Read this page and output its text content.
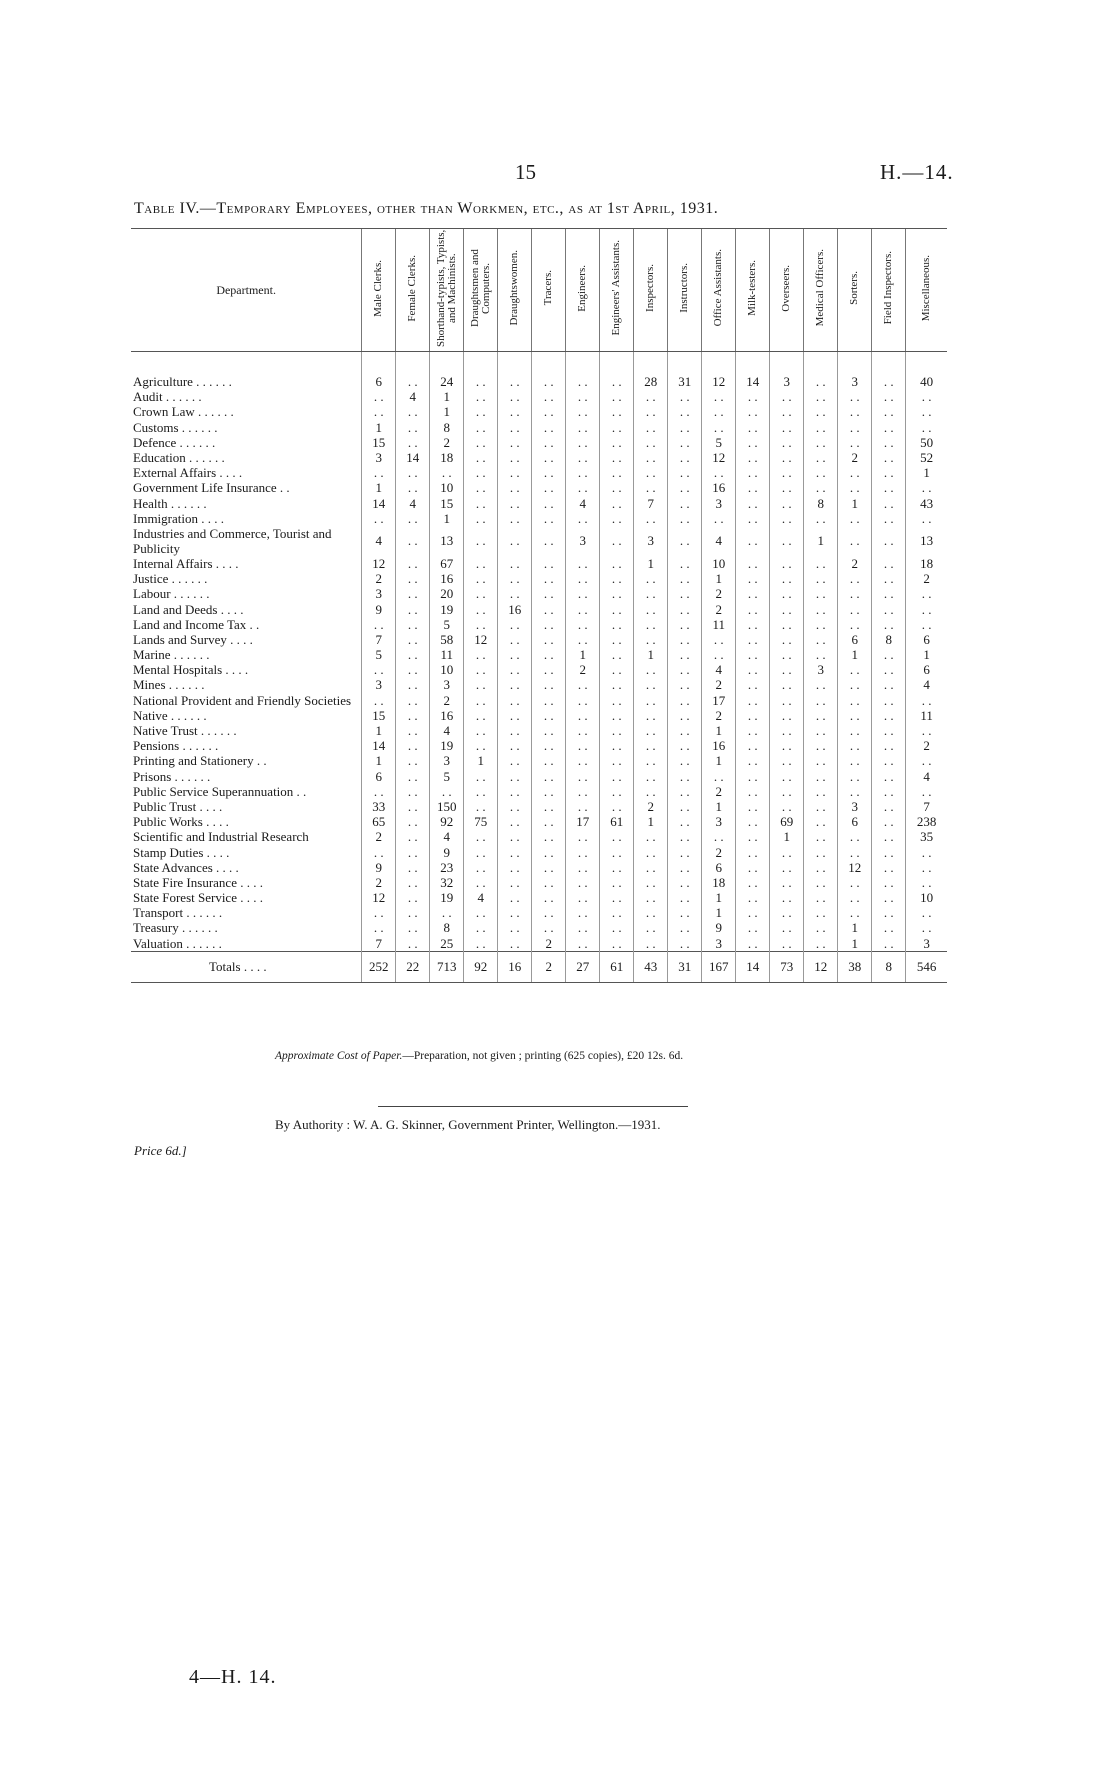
15	H.—14.
Table IV.—Temporary Employees, other than Workmen, etc., as at 1st April, 1931.
Department.	Male Clerks.	Female Clerks.	Shorthand-typists, Typists, and Machinists.	Draughtsmen and Computers.	Draughtswomen.	Tracers.	Engineers.	Engineers' Assistants.	Inspectors.	Instructors.	Office Assistants.	Milk-testers.	Overseers.	Medical Officers.	Sorters.	Field Inspectors.	Miscellaneous.
Agriculture . . . . . .	6	. .	24	. .	. .	. .	. .	. .	28	31	12	14	3	. .	3	. .	40
Audit . . . . . .	. .	4	1	. .	. .	. .	. .	. .	. .	. .	. .	. .	. .	. .	. .	. .	. .
Crown Law . . . . . .	. .	. .	1	. .	. .	. .	. .	. .	. .	. .	. .	. .	. .	. .	. .	. .	. .
Customs . . . . . .	1	. .	8	. .	. .	. .	. .	. .	. .	. .	. .	. .	. .	. .	. .	. .	. .
Defence . . . . . .	15	. .	2	. .	. .	. .	. .	. .	. .	. .	5	. .	. .	. .	. .	. .	50
Education . . . . . .	3	14	18	. .	. .	. .	. .	. .	. .	. .	12	. .	. .	. .	2	. .	52
External Affairs . . . .	. .	. .	. .	. .	. .	. .	. .	. .	. .	. .	. .	. .	. .	. .	. .	. .	1
Government Life Insurance . .	1	. .	10	. .	. .	. .	. .	. .	. .	. .	16	. .	. .	. .	. .	. .	. .
Health . . . . . .	14	4	15	. .	. .	. .	4	. .	7	. .	3	. .	. .	8	1	. .	43
Immigration . . . .	. .	. .	1	. .	. .	. .	. .	. .	. .	. .	. .	. .	. .	. .	. .	. .	. .
Industries and Commerce, Tourist and Publicity	4	. .	13	. .	. .	. .	3	. .	3	. .	4	. .	. .	1	. .	. .	13
Internal Affairs . . . .	12	. .	67	. .	. .	. .	. .	. .	1	. .	10	. .	. .	. .	2	. .	18
Justice . . . . . .	2	. .	16	. .	. .	. .	. .	. .	. .	. .	1	. .	. .	. .	. .	. .	2
Labour . . . . . .	3	. .	20	. .	. .	. .	. .	. .	. .	. .	2	. .	. .	. .	. .	. .	. .
Land and Deeds . . . .	9	. .	19	. .	16	. .	. .	. .	. .	. .	2	. .	. .	. .	. .	. .	. .
Land and Income Tax . .	. .	. .	5	. .	. .	. .	. .	. .	. .	. .	11	. .	. .	. .	. .	. .	. .
Lands and Survey . . . .	7	. .	58	12	. .	. .	. .	. .	. .	. .	. .	. .	. .	. .	6	8	6
Marine . . . . . .	5	. .	11	. .	. .	. .	1	. .	1	. .	. .	. .	. .	. .	1	. .	1
Mental Hospitals . . . .	. .	. .	10	. .	. .	. .	2	. .	. .	. .	4	. .	. .	3	. .	. .	6
Mines . . . . . .	3	. .	3	. .	. .	. .	. .	. .	. .	. .	2	. .	. .	. .	. .	. .	4
National Provident and Friendly Societies	. .	. .	2	. .	. .	. .	. .	. .	. .	. .	17	. .	. .	. .	. .	. .	. .
Native . . . . . .	15	. .	16	. .	. .	. .	. .	. .	. .	. .	2	. .	. .	. .	. .	. .	11
Native Trust . . . . . .	1	. .	4	. .	. .	. .	. .	. .	. .	. .	1	. .	. .	. .	. .	. .	. .
Pensions . . . . . .	14	. .	19	. .	. .	. .	. .	. .	. .	. .	16	. .	. .	. .	. .	. .	2
Printing and Stationery . .	1	. .	3	1	. .	. .	. .	. .	. .	. .	1	. .	. .	. .	. .	. .	. .
Prisons . . . . . .	6	. .	5	. .	. .	. .	. .	. .	. .	. .	. .	. .	. .	. .	. .	. .	4
Public Service Superannuation . .	. .	. .	. .	. .	. .	. .	. .	. .	. .	. .	2	. .	. .	. .	. .	. .	. .
Public Trust . . . .	33	. .	150	. .	. .	. .	. .	. .	2	. .	1	. .	. .	. .	3	. .	7
Public Works . . . .	65	. .	92	75	. .	. .	17	61	1	. .	3	. .	69	. .	6	. .	238
Scientific and Industrial Research	2	. .	4	. .	. .	. .	. .	. .	. .	. .	. .	. .	1	. .	. .	. .	35
Stamp Duties . . . .	. .	. .	9	. .	. .	. .	. .	. .	. .	. .	2	. .	. .	. .	. .	. .	. .
State Advances . . . .	9	. .	23	. .	. .	. .	. .	. .	. .	. .	6	. .	. .	. .	12	. .	. .
State Fire Insurance . . . .	2	. .	32	. .	. .	. .	. .	. .	. .	. .	18	. .	. .	. .	. .	. .	. .
State Forest Service . . . .	12	. .	19	4	. .	. .	. .	. .	. .	. .	1	. .	. .	. .	. .	. .	10
Transport . . . . . .	. .	. .	. .	. .	. .	. .	. .	. .	. .	. .	1	. .	. .	. .	. .	. .	. .
Treasury . . . . . .	. .	. .	8	. .	. .	. .	. .	. .	. .	. .	9	. .	. .	. .	1	. .	. .
Valuation . . . . . .	7	. .	25	. .	. .	2	. .	. .	. .	. .	3	. .	. .	. .	1	. .	3
Totals . . . .	252	22	713	92	16	2	27	61	43	31	167	14	73	12	38	8	546
Approximate Cost of Paper.—Preparation, not given ; printing (625 copies), £20 12s. 6d.
By Authority : W. A. G. Skinner, Government Printer, Wellington.—1931.
Price 6d.]
4—H. 14.
